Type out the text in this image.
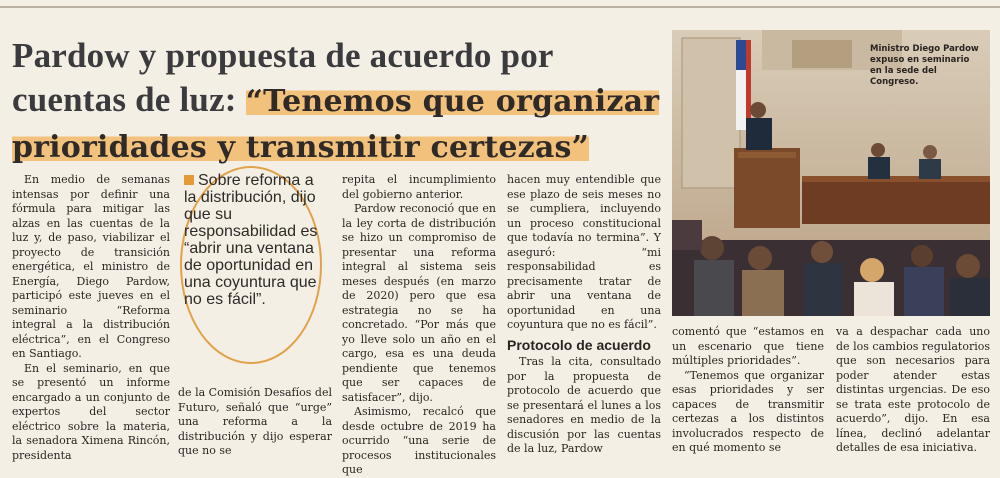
Pardow y propuesta de acuerdo por cuentas de luz: “Tenemos que organizar prioridades y transmitir certezas”
Ministro Diego Pardow expuso en seminario en la sede del Congreso.

En medio de semanas intensas por definir una fórmula para mitigar las alzas en las cuentas de la luz y, de paso, viabilizar el proyecto de transición energética, el ministro de Energía, Diego Pardow, participó este jueves en el seminario “Reforma integral a la distribución eléctrica”, en el Congreso en Santiago.

En el seminario, en que se presentó un informe encargado a un conjunto de expertos del sector eléctrico sobre la materia, la senadora Ximena Rincón, presidenta

Sobre reforma a la distribución, dijo que su responsabilidad es “abrir una ventana de oportunidad en una coyuntura que no es fácil”.

de la Comisión Desafíos del Futuro, señaló que “urge” una reforma a la distribución y dijo esperar que no se

repita el incumplimiento del gobierno anterior.

Pardow reconoció que en la ley corta de distribución se hizo un compromiso de presentar una reforma integral al sistema seis meses después (en marzo de 2020) pero que esa estrategia no se ha concretado. “Por más que yo lleve solo un año en el cargo, esa es una deuda pendiente que tenemos que ser capaces de satisfacer”, dijo.

Asimismo, recalcó que desde octubre de 2019 ha ocurrido “una serie de procesos institucionales que

hacen muy entendible que ese plazo de seis meses no se cumpliera, incluyendo un proceso constitucional que todavía no termina”. Y aseguró: “mi responsabilidad es precisamente tratar de abrir una ventana de oportunidad en una coyuntura que no es fácil”.

Protocolo de acuerdo

Tras la cita, consultado por la propuesta de protocolo de acuerdo que se presentará el lunes a los senadores en medio de la discusión por las cuentas de la luz, Pardow

comentó que “estamos en un escenario que tiene múltiples prioridades”.

“Tenemos que organizar esas prioridades y ser capaces de transmitir certezas a los distintos involucrados respecto de en qué momento se

va a despachar cada uno de los cambios regulatorios que son necesarios para poder atender estas distintas urgencias. De eso se trata este protocolo de acuerdo”, dijo. En esa línea, declinó adelantar detalles de esa iniciativa.
